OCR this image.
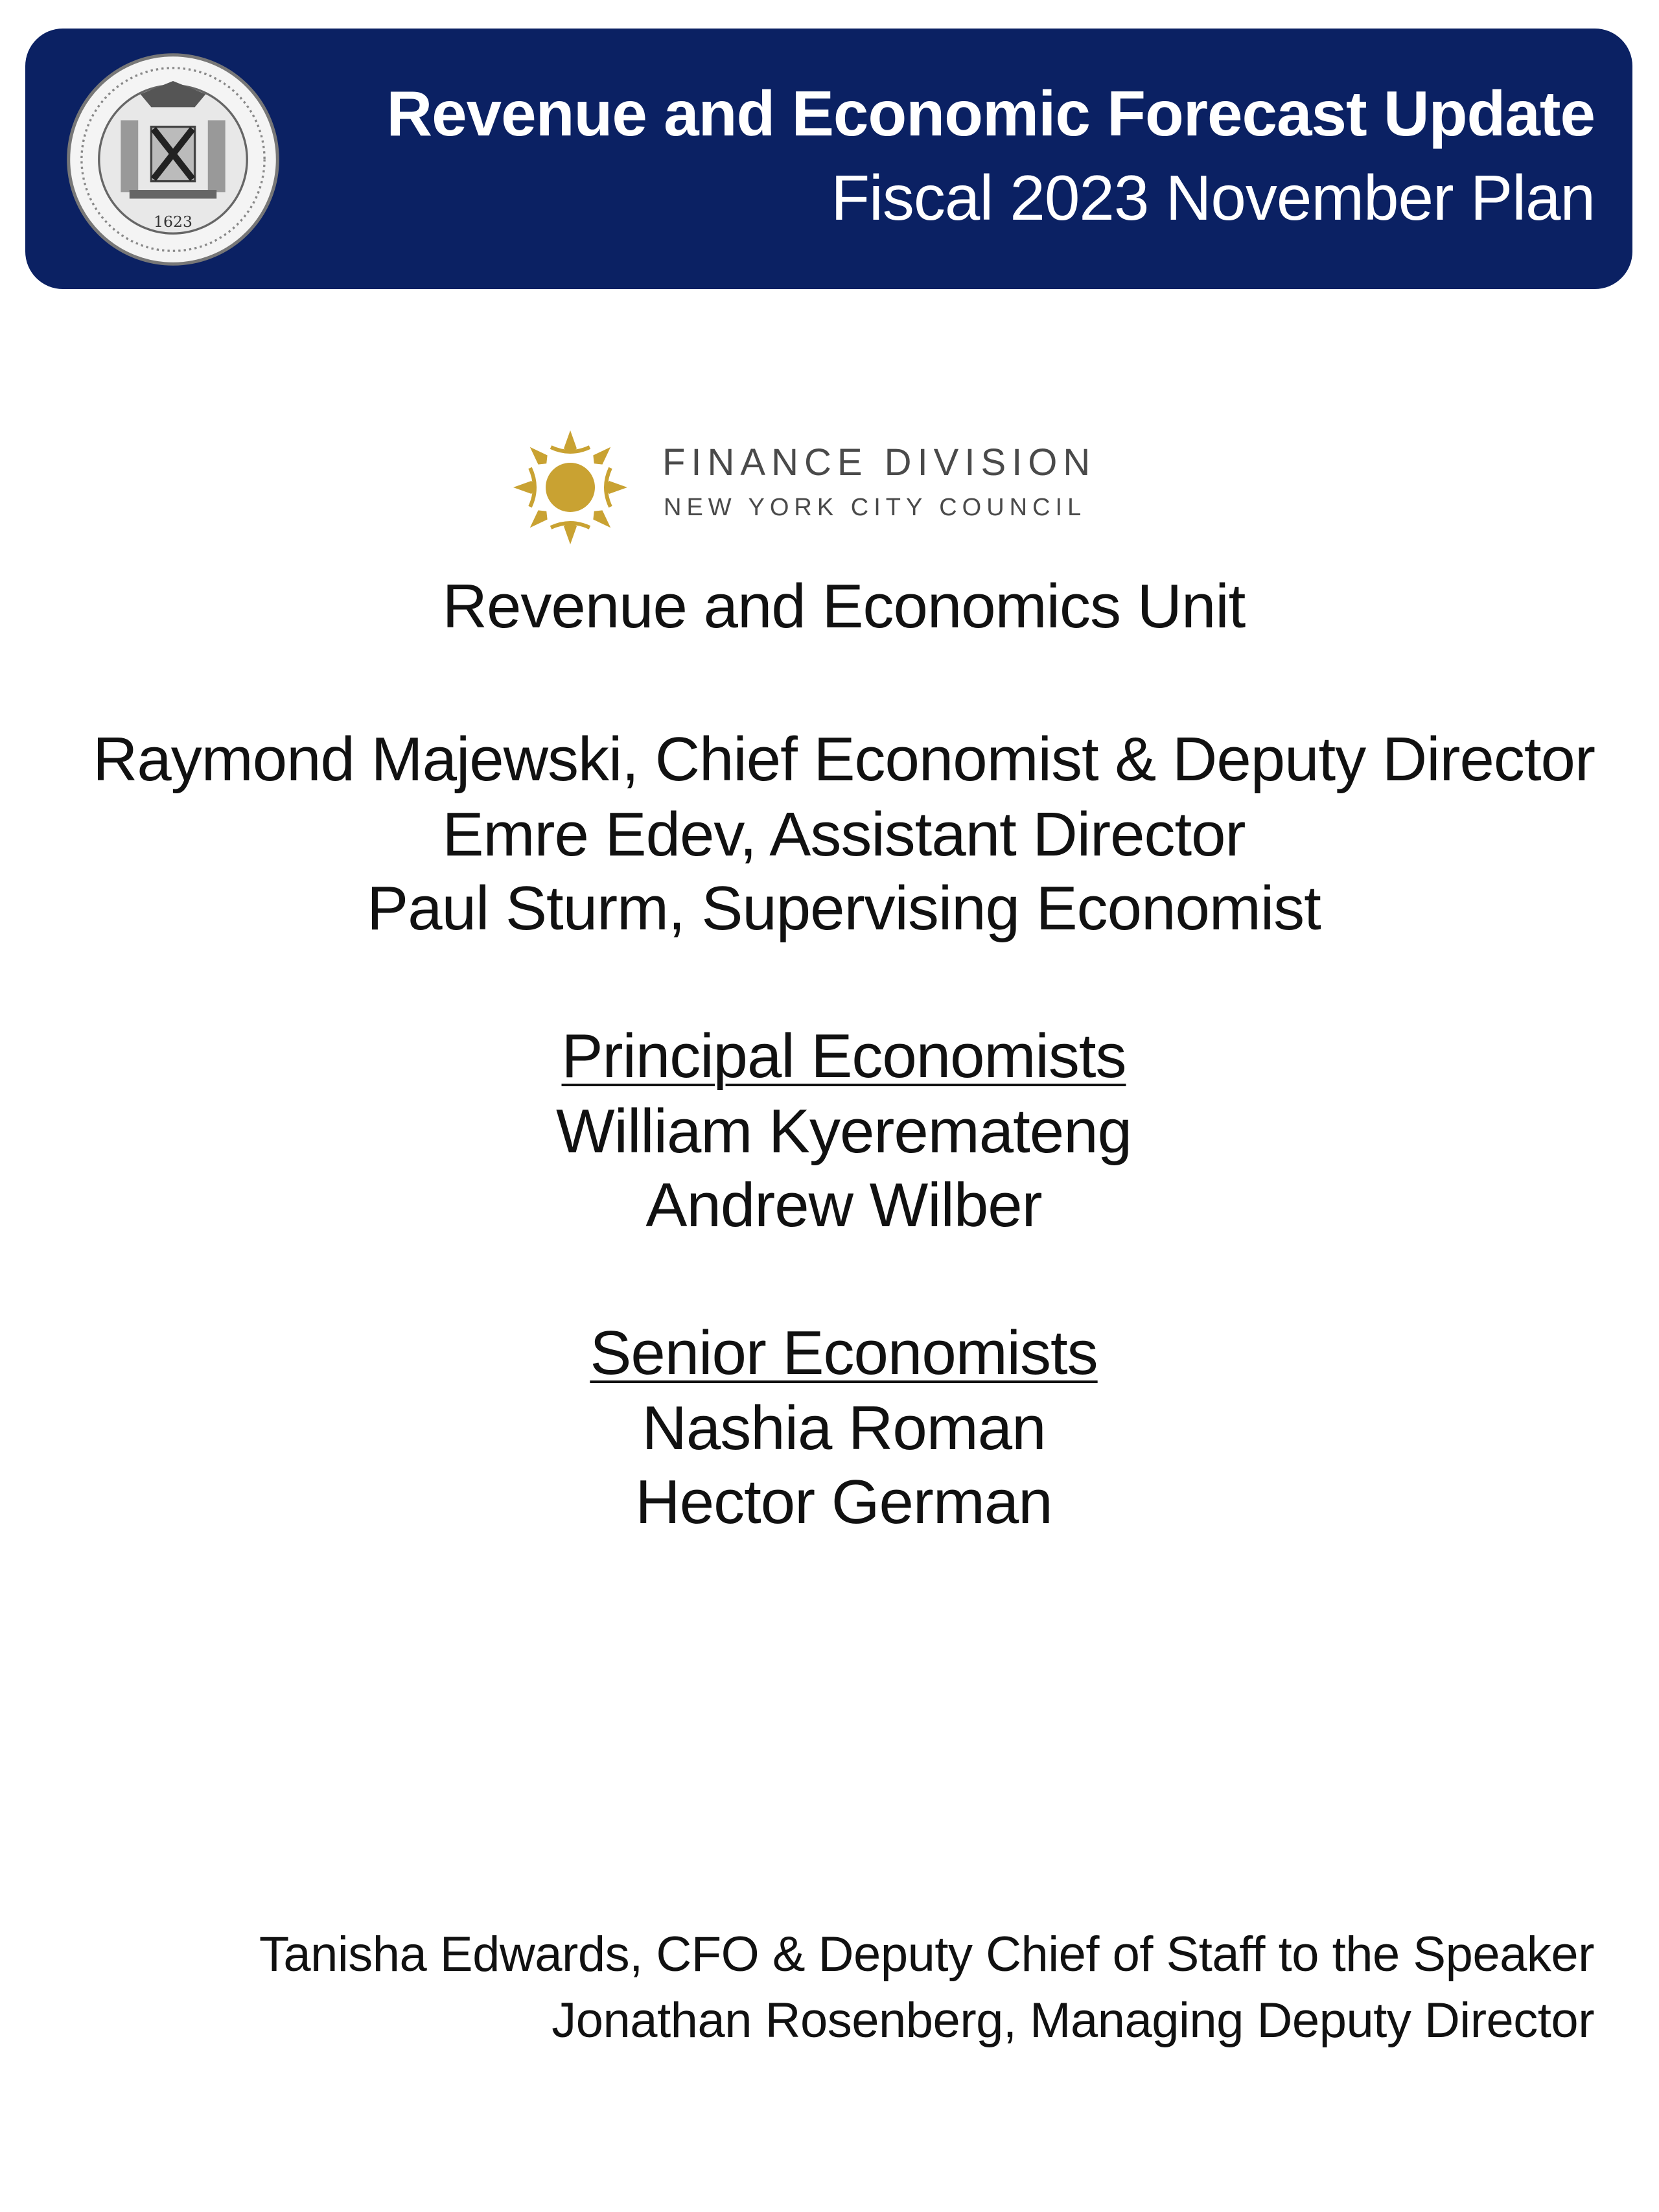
1623
Revenue and Economic Forecast Update
Fiscal 2023 November Plan
FINANCE DIVISION
NEW YORK CITY COUNCIL
Revenue and Economics Unit
Raymond Majewski, Chief Economist & Deputy Director
Emre Edev, Assistant Director
Paul Sturm, Supervising Economist
Principal Economists
William Kyeremateng
Andrew Wilber
Senior Economists
Nashia Roman
Hector German
Tanisha Edwards, CFO & Deputy Chief of Staff to the Speaker
Jonathan Rosenberg, Managing Deputy Director
